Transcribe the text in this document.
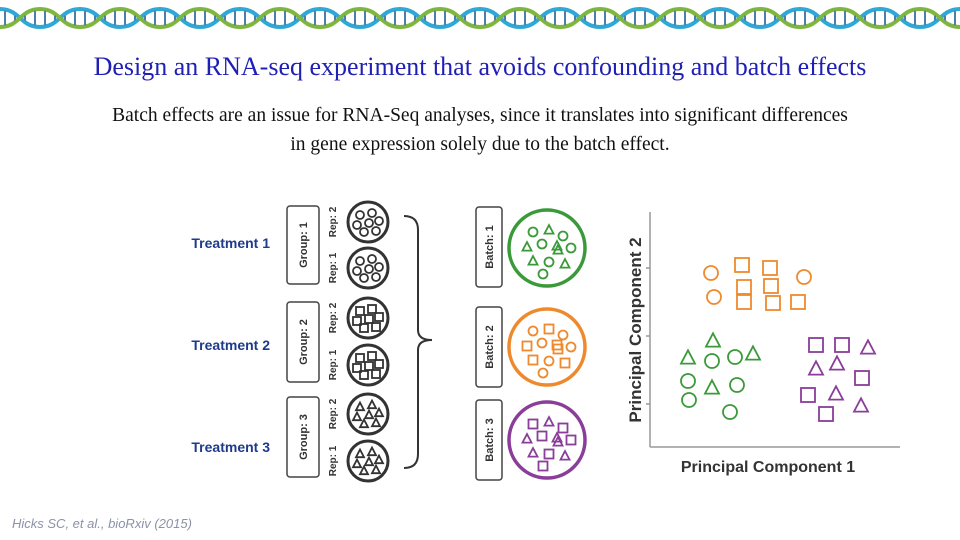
Design an RNA-seq experiment that avoids confounding and batch effects
Batch effects are an issue for RNA-Seq analyses, since it translates into significant differences
in gene expression solely due to the batch effect.
Treatment 1
Treatment 2
Treatment 3
Group: 1
Group: 2
Group: 3
Rep: 2
Rep: 1
Rep: 2
Rep: 1
Rep: 2
Rep: 1
Batch: 1
Batch: 2
Batch: 3
Principal Component 2
Principal Component 1
Hicks SC, et al., bioRxiv (2015)
